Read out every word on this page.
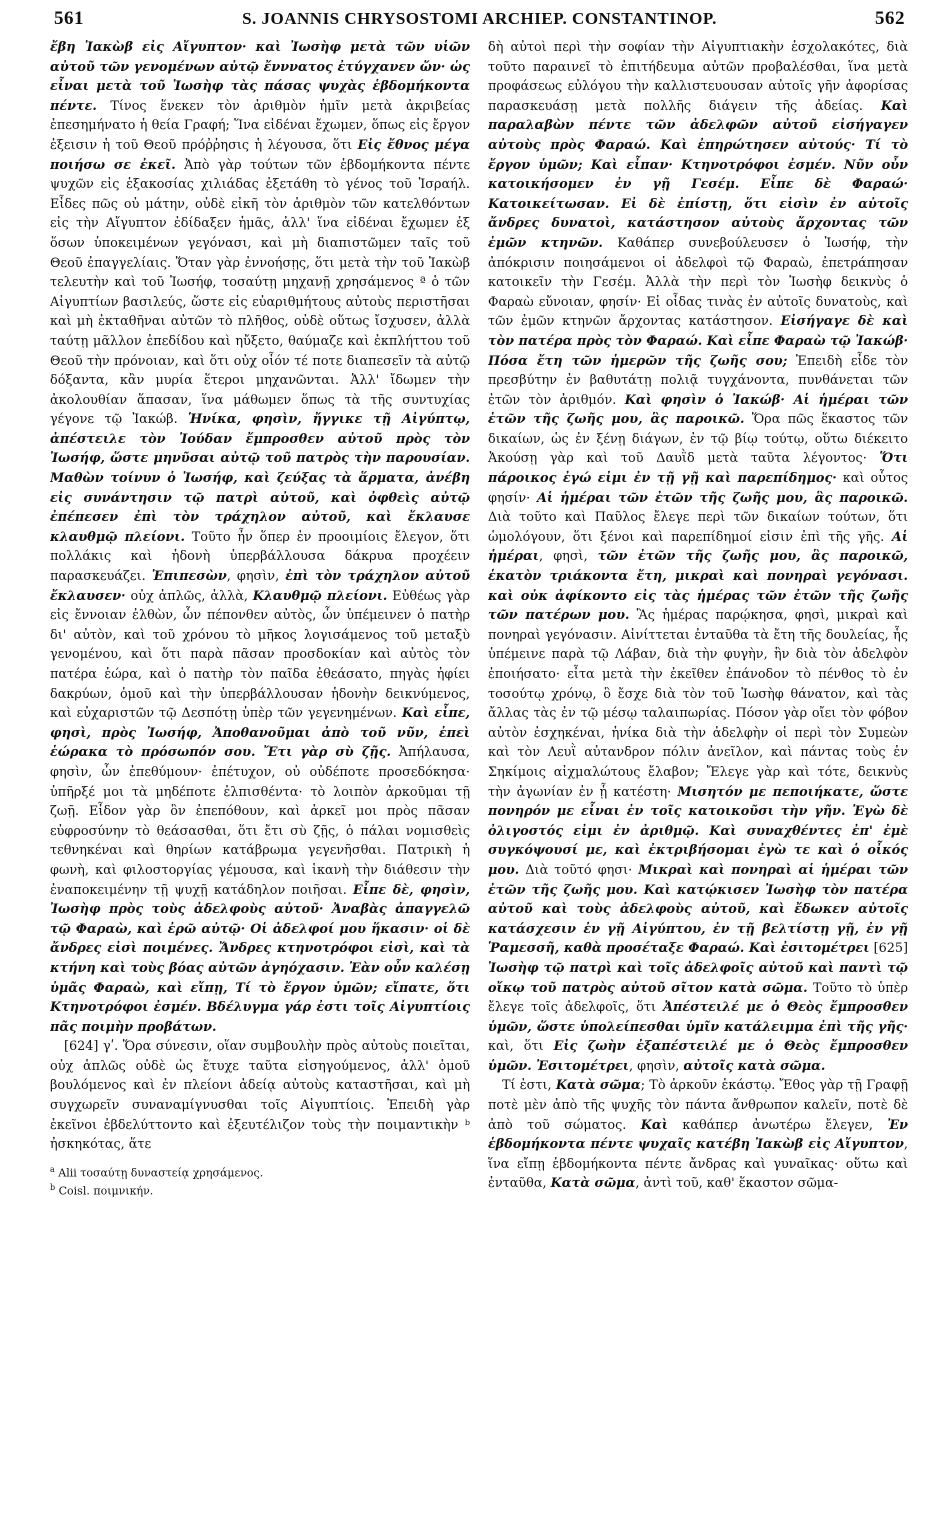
561	S. JOANNIS CHRYSOSTOMI ARCHIEP. CONSTANTINOP.	562

ἔβη Ἰακὼβ εἰς Αἴγυπτον· καὶ Ἰωσὴφ μετὰ τῶν υἱῶν αὐτοῦ τῶν γενομένων αὐτῷ ἔνννατος ἐτύγχανεν ὤν· ὡς εἶναι μετὰ τοῦ Ἰωσὴφ τὰς πάσας ψυχὰς ἑβδομήκοντα πέντε. Τίνος ἕνεκεν τὸν ἀριθμὸν ἡμῖν μετὰ ἀκριβείας ἐπεσημήνατο ἡ θεία Γραφή; Ἵνα εἰδέναι ἔχωμεν, ὅπως εἰς ἔργον ἐξεισιν ἡ τοῦ Θεοῦ πρόῤῥησις ἡ λέγουσα, ὅτι Εἰς ἔθνος μέγα ποιήσω σε ἐκεῖ. Ἀπὸ γὰρ τούτων τῶν ἑβδομήκοντα πέντε ψυχῶν εἰς ἑξακοσίας χιλιάδας ἐξετάθη τὸ γένος τοῦ Ἰσραήλ. Εἶδες πῶς οὐ μάτην, οὐδὲ εἰκῆ τὸν ἀριθμὸν τῶν κατελθόντων εἰς τὴν Αἴγυπτον ἐδίδαξεν ἡμᾶς, ἀλλ' ἵνα εἰδέναι ἔχωμεν ἐξ ὅσων ὑποκειμένων γεγόνασι, καὶ μὴ διαπιστῶμεν ταῖς τοῦ Θεοῦ ἐπαγγελίαις. Ὅταν γὰρ ἐννοήσῃς, ὅτι μετὰ τὴν τοῦ Ἰακὼβ τελευτὴν καὶ τοῦ Ἰωσήφ, τοσαύτῃ μηχανῇ χρησάμενος ª ὁ τῶν Αἰγυπτίων βασιλεύς, ὥστε εἰς εὐαριθμήτους αὐτοὺς περιστῆσαι καὶ μὴ ἐκταθῆναι αὐτῶν τὸ πλῆθος, οὐδὲ οὕτως ἴσχυσεν, ἀλλὰ ταύτῃ μᾶλλον ἐπεδίδου καὶ ηὔξετο, θαύμαζε καὶ ἐκπλήττου τοῦ Θεοῦ τὴν πρόνοιαν, καὶ ὅτι οὐχ οἷόν τέ ποτε διαπεσεῖν τὰ αὐτῷ δόξαντα, κἂν μυρία ἕτεροι μηχανῶνται. Ἀλλ' ἴδωμεν τὴν ἀκολουθίαν ἅπασαν, ἵνα μάθωμεν ὅπως τὰ τῆς συντυχίας γέγονε τῷ Ἰακώβ. Ἡνίκα, φησὶν, ἤγγικε τῇ Αἰγύπτῳ, ἀπέστειλε τὸν Ἰούδαν ἔμπροσθεν αὐτοῦ πρὸς τὸν Ἰωσήφ, ὥστε μηνῦσαι αὐτῷ τοῦ πατρὸς τὴν παρουσίαν. Μαθὼν τοίνυν ὁ Ἰωσήφ, καὶ ζεύξας τὰ ἅρματα, ἀνέβη εἰς συνάντησιν τῷ πατρὶ αὐτοῦ, καὶ ὀφθεὶς αὐτῷ ἐπέπεσεν ἐπὶ τὸν τράχηλον αὐτοῦ, καὶ ἔκλαυσε κλαυθμῷ πλείονι. Τοῦτο ἦν ὅπερ ἐν προοιμίοις ἔλεγον, ὅτι πολλάκις καὶ ἡδονὴ ὑπερβάλλουσα δάκρυα προχέειν παρασκευάζει. Ἐπιπεσὼν, φησὶν, ἐπὶ τὸν τράχηλον αὐτοῦ ἔκλαυσεν· οὐχ ἁπλῶς, ἀλλὰ, Κλαυθμῷ πλείονι. Εὐθέως γὰρ εἰς ἔννοιαν ἐλθὼν, ὧν πέπονθεν αὐτὸς, ὧν ὑπέμεινεν ὁ πατὴρ δι' αὐτὸν, καὶ τοῦ χρόνου τὸ μῆκος λογισάμενος τοῦ μεταξὺ γενομένου, καὶ ὅτι παρὰ πᾶσαν προσδοκίαν καὶ αὐτὸς τὸν πατέρα ἑώρα, καὶ ὁ πατὴρ τὸν παῖδα ἐθεάσατο, πηγὰς ἠφίει δακρύων, ὁμοῦ καὶ τὴν ὑπερβάλλουσαν ἡδονὴν δεικνύμενος, καὶ εὐχαριστῶν τῷ Δεσπότῃ ὑπὲρ τῶν γεγενημένων. Καὶ εἶπε, φησὶ, πρὸς Ἰωσήφ, Ἀποθανοῦμαι ἀπὸ τοῦ νῦν, ἐπεὶ ἑώρακα τὸ πρόσωπόν σου. Ἔτι γὰρ σὺ ζῇς. Ἀπήλαυσα, φησὶν, ὧν ἐπεθύμουν· ἐπέτυχον, οὐ οὐδέποτε προσεδόκησα· ὑπῆρξέ μοι τὰ μηδέποτε ἐλπισθέντα· τὸ λοιπὸν ἀρκοῦμαι τῇ ζωῇ. Εἶδον γὰρ ὃν ἐπεπόθουν, καὶ ἀρκεῖ μοι πρὸς πᾶσαν εὐφροσύνην τὸ θεάσασθαι, ὅτι ἔτι σὺ ζῇς, ὁ πάλαι νομισθεὶς τεθνηκέναι καὶ θηρίων κατάβρωμα γεγενῆσθαι. Πατρικὴ ἡ φωνὴ, καὶ φιλοστοργίας γέμουσα, καὶ ἱκανὴ τὴν διάθεσιν τὴν ἐναποκειμένην τῇ ψυχῇ κατάδηλον ποιῆσαι. Εἶπε δὲ, φησὶν, Ἰωσὴφ πρὸς τοὺς ἀδελφοὺς αὐτοῦ· Ἀναβὰς ἀπαγγελῶ τῷ Φαραὼ, καὶ ἐρῶ αὐτῷ· Οἱ ἀδελφοί μου ἥκασιν· οἱ δὲ ἄνδρες εἰσὶ ποιμένες. Ἄνδρες κτηνοτρόφοι εἰσὶ, καὶ τὰ κτήνη καὶ τοὺς βόας αὐτῶν ἀγηόχασιν. Ἐὰν οὖν καλέσῃ ὑμᾶς Φαραὼ, καὶ εἴπῃ, Τί τὸ ἔργον ὑμῶν; εἴπατε, ὅτι Κτηνοτρόφοι ἐσμέν. Βδέλυγμα γάρ ἐστι τοῖς Αἰγυπτίοις πᾶς ποιμὴν προβάτων.

[624] γʹ. Ὅρα σύνεσιν, οἵαν συμβουλὴν πρὸς αὐτοὺς ποιεῖται, οὐχ ἁπλῶς οὐδὲ ὡς ἔτυχε ταῦτα εἰσηγούμενος, ἀλλ' ὁμοῦ βουλόμενος καὶ ἐν πλείονι ἀδείᾳ αὐτοὺς καταστῆσαι, καὶ μὴ συγχωρεῖν συναναμίγνυσθαι τοῖς Αἰγυπτίοις. Ἐπειδὴ γὰρ ἐκεῖνοι ἐβδελύττοντο καὶ ἐξευτέλιζον τοὺς τὴν ποιμαντικὴν ᵇ ἠσκηκότας, ἅτε

$^a$ Alii τοσαύτῃ δυναστείᾳ χρησάμενος.
$^b$ Coisl. ποιμνικήν.

δὴ αὐτοὶ περὶ τὴν σοφίαν τὴν Αἰγυπτιακὴν ἐσχολακότες, διὰ τοῦτο παραινεῖ τὸ ἐπιτήδευμα αὐτῶν προβαλέσθαι, ἵνα μετὰ προφάσεως εὐλόγου τὴν καλλιστευουσαν αὐτοῖς γῆν ἀφορίσας παρασκευάσῃ μετὰ πολλῆς διάγειν τῆς ἀδείας. Καὶ παραλαβὼν πέντε τῶν ἀδελφῶν αὐτοῦ εἰσήγαγεν αὐτοὺς πρὸς Φαραώ. Καὶ ἐπηρώτησεν αὐτούς· Τί τὸ ἔργον ὑμῶν; Καὶ εἶπαν· Κτηνοτρόφοι ἐσμέν. Νῦν οὖν κατοικήσομεν ἐν γῇ Γεσέμ. Εἶπε δὲ Φαραώ· Κατοικείτωσαν. Εἰ δὲ ἐπίστῃ, ὅτι εἰσὶν ἐν αὐτοῖς ἄνδρες δυνατοὶ, κατάστησον αὐτοὺς ἄρχοντας τῶν ἐμῶν κτηνῶν. Καθάπερ συνεβούλευσεν ὁ Ἰωσήφ, τὴν ἀπόκρισιν ποιησάμενοι οἱ ἀδελφοὶ τῷ Φαραὼ, ἐπετράπησαν κατοικεῖν τὴν Γεσέμ. Ἀλλὰ τὴν περὶ τὸν Ἰωσὴφ δεικνὺς ὁ Φαραὼ εὔνοιαν, φησίν· Εἰ οἶδας τινὰς ἐν αὐτοῖς δυνατοὺς, καὶ τῶν ἐμῶν κτηνῶν ἄρχοντας κατάστησον. Εἰσήγαγε δὲ καὶ τὸν πατέρα πρὸς τὸν Φαραώ. Καὶ εἶπε Φαραὼ τῷ Ἰακώβ· Πόσα ἔτη τῶν ἡμερῶν τῆς ζωῆς σου; Ἐπειδὴ εἶδε τὸν πρεσβύτην ἐν βαθυτάτῃ πολιᾷ τυγχάνοντα, πυνθάνεται τῶν ἐτῶν τὸν ἀριθμόν. Καὶ φησὶν ὁ Ἰακώβ· Αἱ ἡμέραι τῶν ἐτῶν τῆς ζωῆς μου, ἃς παροικῶ. Ὅρα πῶς ἕκαστος τῶν δικαίων, ὡς ἐν ξένῃ διάγων, ἐν τῷ βίῳ τούτῳ, οὕτω διέκειτο Ἀκούσῃ γὰρ καὶ τοῦ Δαυῒδ μετὰ ταῦτα λέγοντος· Ὅτι πάροικος ἐγώ εἰμι ἐν τῇ γῇ καὶ παρεπίδημος· καὶ οὗτος φησίν· Αἱ ἡμέραι τῶν ἐτῶν τῆς ζωῆς μου, ἃς παροικῶ. Διὰ τοῦτο καὶ Παῦλος ἔλεγε περὶ τῶν δικαίων τούτων, ὅτι ὡμολόγουν, ὅτι ξένοι καὶ παρεπίδημοί εἰσιν ἐπὶ τῆς γῆς. Αἱ ἡμέραι, φησὶ, τῶν ἐτῶν τῆς ζωῆς μου, ἃς παροικῶ, ἑκατὸν τριάκοντα ἔτη, μικραὶ καὶ πονηραὶ γεγόνασι. καὶ οὐκ ἀφίκοντο εἰς τὰς ἡμέρας τῶν ἐτῶν τῆς ζωῆς τῶν πατέρων μου. Ἃς ἡμέρας παρῴκησα, φησὶ, μικραὶ καὶ πονηραὶ γεγόνασιν. Αἰνίττεται ἐνταῦθα τὰ ἔτη τῆς δουλείας, ἧς ὑπέμεινε παρὰ τῷ Λάβαν, διὰ τὴν φυγὴν, ἣν διὰ τὸν ἀδελφὸν ἐποιήσατο· εἶτα μετὰ τὴν ἐκεῖθεν ἐπάνοδον τὸ πένθος τὸ ἐν τοσούτῳ χρόνῳ, ὃ ἔσχε διὰ τὸν τοῦ Ἰωσὴφ θάνατον, καὶ τὰς ἄλλας τὰς ἐν τῷ μέσῳ ταλαιπωρίας. Πόσον γὰρ οἴει τὸν φόβον αὐτὸν ἐσχηκέναι, ἡνίκα διὰ τὴν ἀδελφὴν οἱ περὶ τὸν Συμεὼν καὶ τὸν Λευῒ αὐτανδρον πόλιν ἀνεῖλον, καὶ πάντας τοὺς ἐν Σηκίμοις αἰχμαλώτους ἔλαβον; Ἔλεγε γὰρ καὶ τότε, δεικνὺς τὴν ἀγωνίαν ἐν ᾗ κατέστη· Μισητόν με πεποιήκατε, ὥστε πονηρόν με εἶναι ἐν τοῖς κατοικοῦσι τὴν γῆν. Ἐγὼ δὲ ὀλιγοστός εἰμι ἐν ἀριθμῷ. Καὶ συναχθέντες ἐπ' ἐμὲ συγκόψουσί με, καὶ ἐκτριβήσομαι ἐγὼ τε καὶ ὁ οἶκός μου. Διὰ τοῦτό φησι· Μικραὶ καὶ πονηραὶ αἱ ἡμέραι τῶν ἐτῶν τῆς ζωῆς μου. Καὶ κατῴκισεν Ἰωσὴφ τὸν πατέρα αὐτοῦ καὶ τοὺς ἀδελφοὺς αὐτοῦ, καὶ ἔδωκεν αὐτοῖς κατάσχεσιν ἐν γῇ Αἰγύπτου, ἐν τῇ βελτίστῃ γῇ, ἐν γῇ Ῥαμεσσῆ, καθὰ προσέταξε Φαραώ. Καὶ ἐσιτομέτρει [625] Ἰωσὴφ τῷ πατρὶ καὶ τοῖς ἀδελφοῖς αὐτοῦ καὶ παντὶ τῷ οἴκῳ τοῦ πατρὸς αὐτοῦ σῖτον κατὰ σῶμα. Τοῦτο τὸ ὑπὲρ ἔλεγε τοῖς ἀδελφοῖς, ὅτι Ἀπέστειλέ με ὁ Θεὸς ἔμπροσθεν ὑμῶν, ὥστε ὑπολείπεσθαι ὑμῖν κατάλειμμα ἐπὶ τῆς γῆς· καὶ, ὅτι Εἰς ζωὴν ἐξαπέστειλέ με ὁ Θεὸς ἔμπροσθεν ὑμῶν. Ἐσιτομέτρει, φησὶν, αὐτοῖς κατὰ σῶμα.

Τί ἐστι, Κατὰ σῶμα; Τὸ ἀρκοῦν ἑκάστῳ. Ἔθος γὰρ τῇ Γραφῇ ποτὲ μὲν ἀπὸ τῆς ψυχῆς τὸν πάντα ἄνθρωπον καλεῖν, ποτὲ δὲ ἀπὸ τοῦ σώματος. Καὶ καθάπερ ἀνωτέρω ἔλεγεν, Ἐν ἑβδομήκοντα πέντε ψυχαῖς κατέβη Ἰακὼβ εἰς Αἴγυπτον, ἵνα εἴπῃ ἑβδομήκοντα πέντε ἄνδρας καὶ γυναῖκας· οὕτω καὶ ἐνταῦθα, Κατὰ σῶμα, ἀντὶ τοῦ, καθ' ἕκαστον σῶμα-
